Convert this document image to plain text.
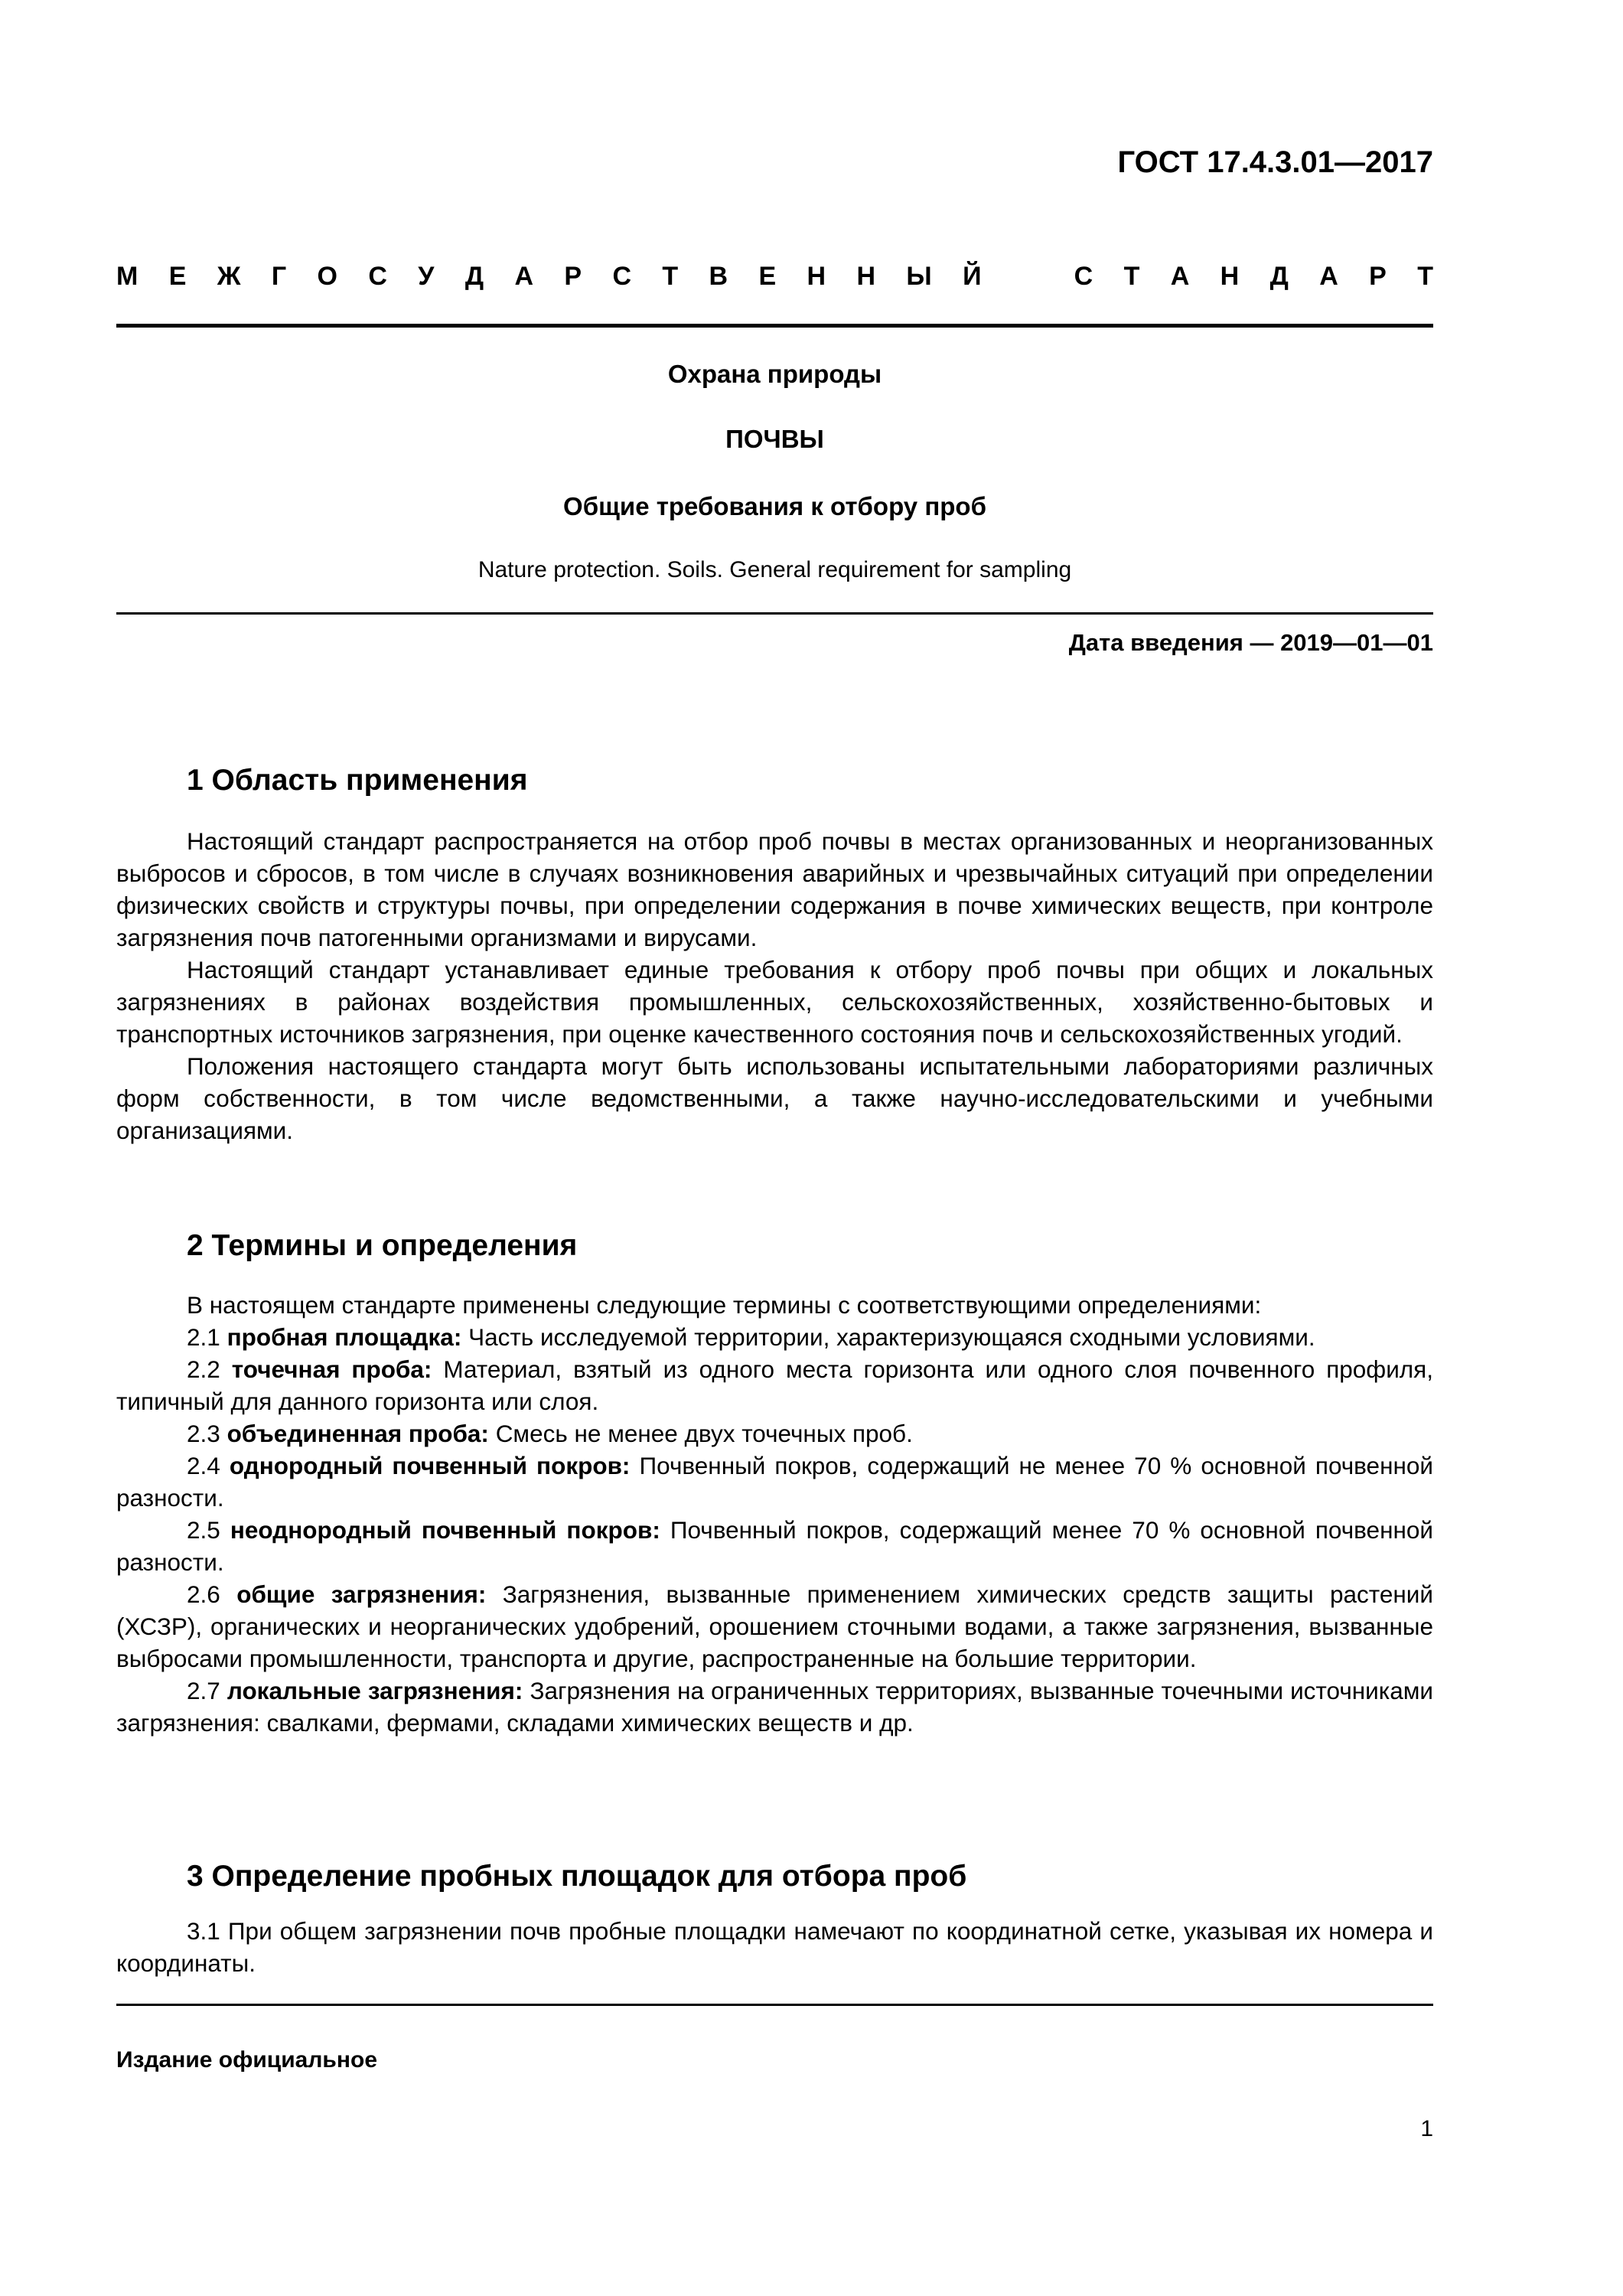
ГОСТ 17.4.3.01—2017
М Е Ж Г О С У Д А Р С Т В Е Н Н Ы Й	С Т А Н Д А Р Т
Охрана природы
ПОЧВЫ
Общие требования к отбору проб
Nature protection. Soils. General requirement for sampling
Дата введения — 2019—01—01

1 Область применения

Настоящий стандарт распространяется на отбор проб почвы в местах организованных и неорганизованных выбросов и сбросов, в том числе в случаях возникновения аварийных и чрезвычайных ситуаций при определении физических свойств и структуры почвы, при определении содержания в почве химических веществ, при контроле загрязнения почв патогенными организмами и вирусами.

Настоящий стандарт устанавливает единые требования к отбору проб почвы при общих и локальных загрязнениях в районах воздействия промышленных, сельскохозяйственных, хозяйственно-бытовых и транспортных источников загрязнения, при оценке качественного состояния почв и сельскохозяйственных угодий.

Положения настоящего стандарта могут быть использованы испытательными лабораториями различных форм собственности, в том числе ведомственными, а также научно-исследовательскими и учебными организациями.

2 Термины и определения

В настоящем стандарте применены следующие термины с соответствующими определениями:

2.1 пробная площадка: Часть исследуемой территории, характеризующаяся сходными условиями.

2.2 точечная проба: Материал, взятый из одного места горизонта или одного слоя почвенного профиля, типичный для данного горизонта или слоя.

2.3 объединенная проба: Смесь не менее двух точечных проб.

2.4 однородный почвенный покров: Почвенный покров, содержащий не менее 70 % основной почвенной разности.

2.5 неоднородный почвенный покров: Почвенный покров, содержащий менее 70 % основной почвенной разности.

2.6 общие загрязнения: Загрязнения, вызванные применением химических средств защиты растений (ХСЗР), органических и неорганических удобрений, орошением сточными водами, а также загрязнения, вызванные выбросами промышленности, транспорта и другие, распространенные на большие территории.

2.7 локальные загрязнения: Загрязнения на ограниченных территориях, вызванные точечными источниками загрязнения: свалками, фермами, складами химических веществ и др.

3 Определение пробных площадок для отбора проб

3.1 При общем загрязнении почв пробные площадки намечают по координатной сетке, указывая их номера и координаты.

Издание официальное
1
